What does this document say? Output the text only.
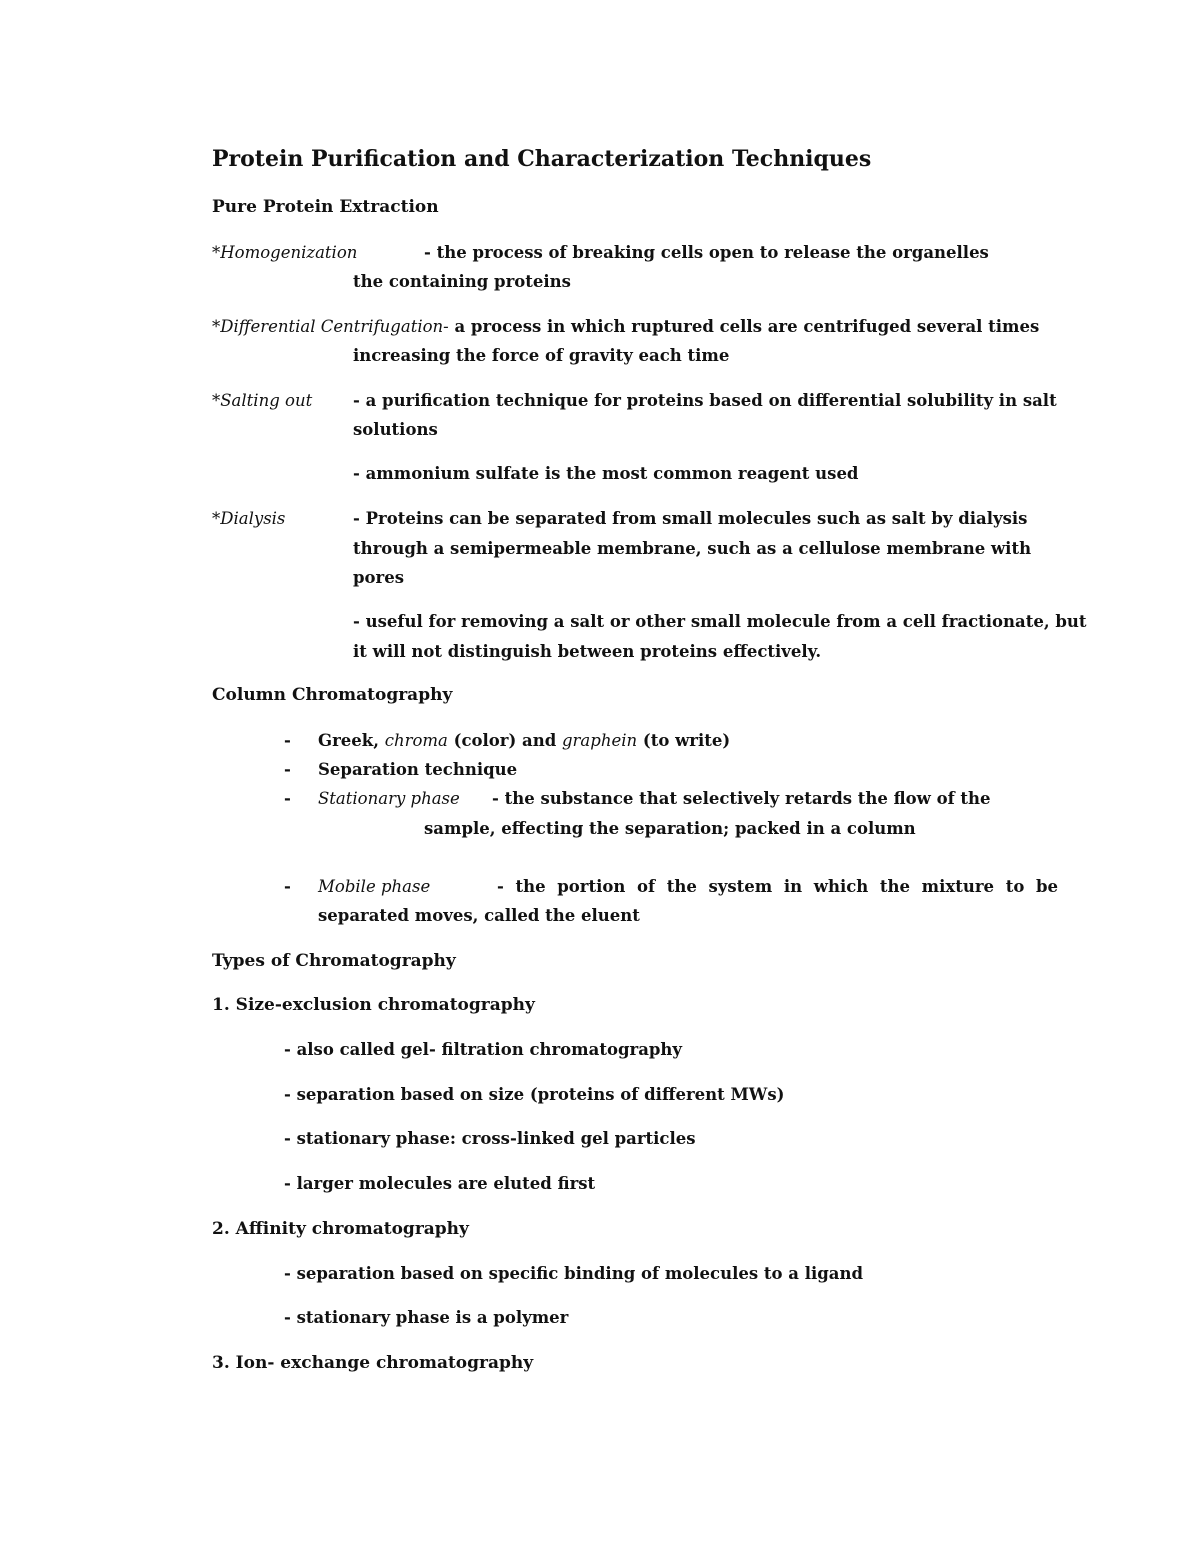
Protein Purification and Characterization Techniques
Pure Protein Extraction
*Homogenization	- the process of breaking cells open to release the organelles
the containing proteins
*Differential Centrifugation- a process in which ruptured cells are centrifuged several times
increasing the force of gravity each time
*Salting out - a purification technique for proteins based on differential solubility in salt
solutions
- ammonium sulfate is the most common reagent used
*Dialysis	- Proteins can be separated from small molecules such as salt by dialysis
through a semipermeable membrane, such as a cellulose membrane with
pores
- useful for removing a salt or other small molecule from a cell fractionate, but
it will not distinguish between proteins effectively.
Column Chromatography
- Greek, chroma (color) and graphein (to write)
- Separation technique
- Stationary phase - the substance that selectively retards the flow of the
sample, effecting the separation; packed in a column
- Mobile phase	- the portion of the system in which the mixture to be
separated moves, called the eluent
Types of Chromatography
1. Size-exclusion chromatography
- also called gel- filtration chromatography
- separation based on size (proteins of different MWs)
- stationary phase: cross-linked gel particles
- larger molecules are eluted first
2. Affinity chromatography
- separation based on specific binding of molecules to a ligand
- stationary phase is a polymer
3. Ion- exchange chromatography
